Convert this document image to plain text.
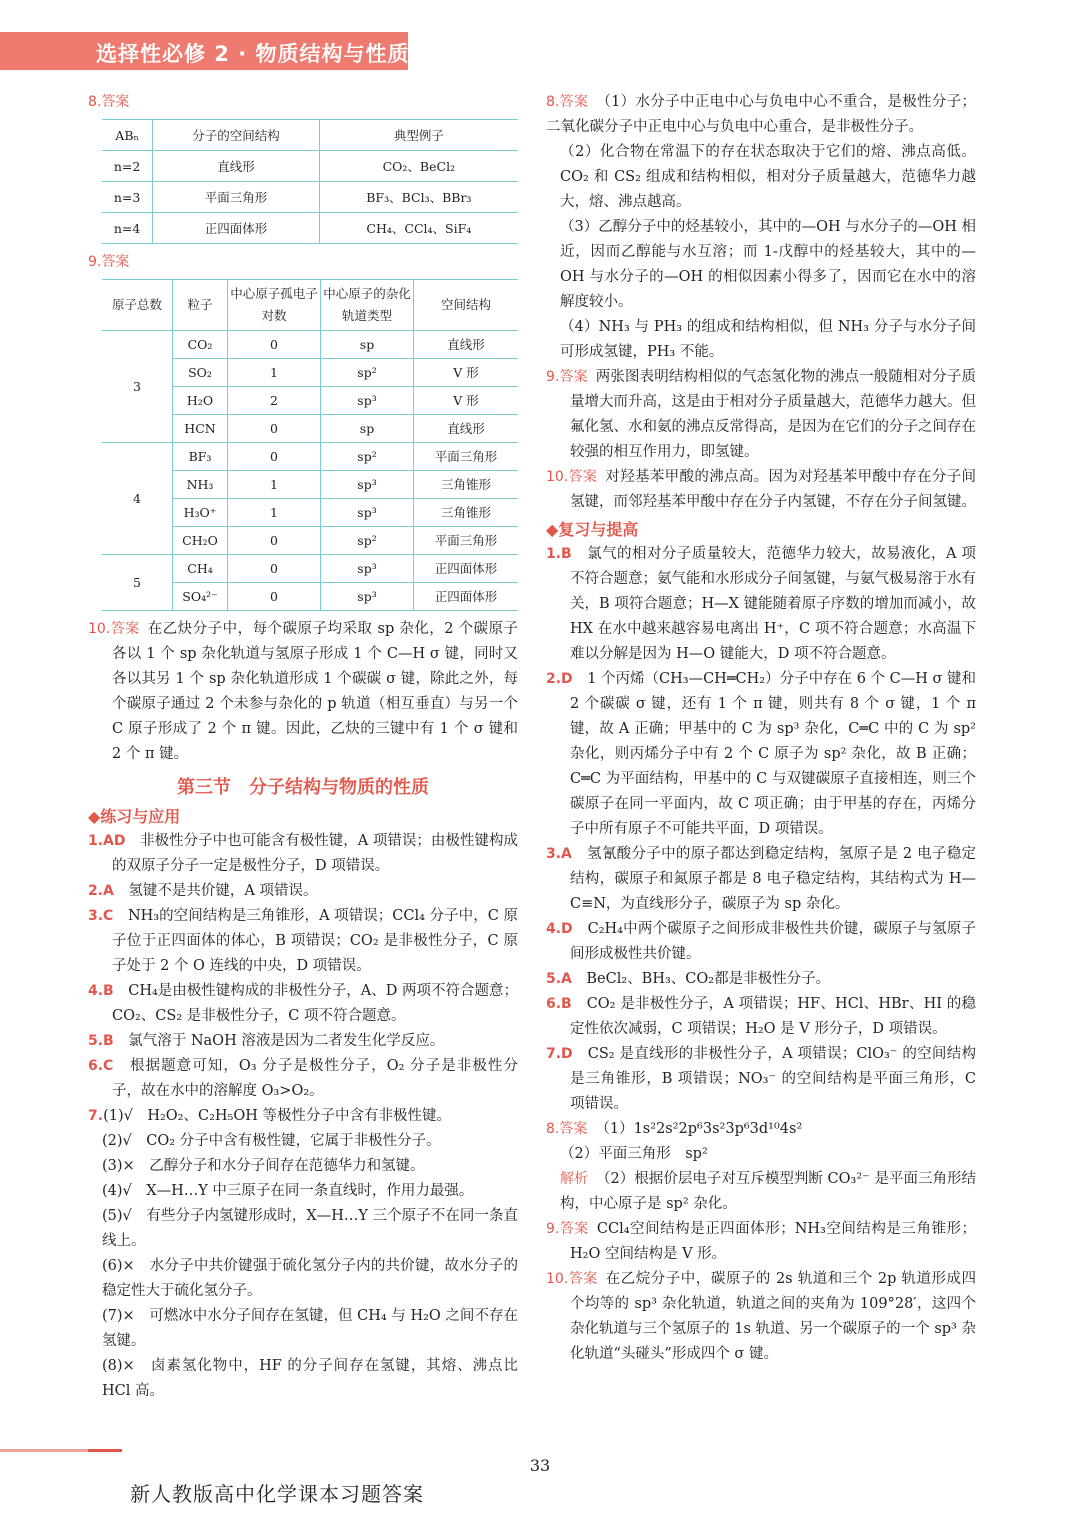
选择性必修 2 · 物质结构与性质

8.答案

ABₙ	分子的空间结构	典型例子
n=2	直线形	CO₂、BeCl₂
n=3	平面三角形	BF₃、BCl₃、BBr₃
n=4	正四面体形	CH₄、CCl₄、SiF₄

9.答案

原子总数	粒子	中心原子孤电子对数	中心原子的杂化轨道类型	空间结构
3	CO₂	0	sp	直线形
	SO₂	1	sp²	V 形
	H₂O	2	sp³	V 形
	HCN	0	sp	直线形
4	BF₃	0	sp²	平面三角形
	NH₃	1	sp³	三角锥形
	H₃O⁺	1	sp³	三角锥形
	CH₂O	0	sp²	平面三角形
5	CH₄	0	sp³	正四面体形
	SO₄²⁻	0	sp³	正四面体形

10.答案 在乙炔分子中，每个碳原子均采取 sp 杂化，2 个碳原子各以 1 个 sp 杂化轨道与氢原子形成 1 个 C—H σ 键，同时又各以其另 1 个 sp 杂化轨道形成 1 个碳碳 σ 键，除此之外，每个碳原子通过 2 个未参与杂化的 p 轨道（相互垂直）与另一个 C 原子形成了 2 个 π 键。因此，乙炔的三键中有 1 个 σ 键和 2 个 π 键。

第三节　分子结构与物质的性质
◆练习与应用

1.AD　 非极性分子中也可能含有极性键，A 项错误；由极性键构成的双原子分子一定是极性分子，D 项错误。

2.A　 氢键不是共价键，A 项错误。

3.C　 NH₃的空间结构是三角锥形，A 项错误；CCl₄ 分子中，C 原子位于正四面体的体心，B 项错误；CO₂ 是非极性分子，C 原子处于 2 个 O 连线的中央，D 项错误。

4.B　 CH₄是由极性键构成的非极性分子，A、D 两项不符合题意；CO₂、CS₂ 是非极性分子，C 项不符合题意。

5.B　 氯气溶于 NaOH 溶液是因为二者发生化学反应。

6.C　 根据题意可知，O₃ 分子是极性分子，O₂ 分子是非极性分子，故在水中的溶解度 O₃>O₂。

7.(1)√　H₂O₂、C₂H₅OH 等极性分子中含有非极性键。

(2)√　CO₂ 分子中含有极性键，它属于非极性分子。

(3)×　乙醇分子和水分子间存在范德华力和氢键。

(4)√　X—H…Y 中三原子在同一条直线时，作用力最强。

(5)√　有些分子内氢键形成时，X—H…Y 三个原子不在同一条直线上。

(6)×　水分子中共价键强于硫化氢分子内的共价键，故水分子的稳定性大于硫化氢分子。

(7)×　可燃冰中水分子间存在氢键，但 CH₄ 与 H₂O 之间不存在氢键。

(8)×　卤素氢化物中，HF 的分子间存在氢键，其熔、沸点比 HCl 高。

8.答案 （1）水分子中正电中心与负电中心不重合，是极性分子；二氧化碳分子中正电中心与负电中心重合，是非极性分子。

（2）化合物在常温下的存在状态取决于它们的熔、沸点高低。CO₂ 和 CS₂ 组成和结构相似，相对分子质量越大，范德华力越大，熔、沸点越高。

（3）乙醇分子中的烃基较小，其中的—OH 与水分子的—OH 相近，因而乙醇能与水互溶；而 1-戊醇中的烃基较大，其中的—OH 与水分子的—OH 的相似因素小得多了，因而它在水中的溶解度较小。

（4）NH₃ 与 PH₃ 的组成和结构相似，但 NH₃ 分子与水分子间可形成氢键，PH₃ 不能。

9.答案 两张图表明结构相似的气态氢化物的沸点一般随相对分子质量增大而升高，这是由于相对分子质量越大，范德华力越大。但氟化氢、水和氨的沸点反常得高，是因为在它们的分子之间存在较强的相互作用力，即氢键。

10.答案 对羟基苯甲酸的沸点高。因为对羟基苯甲酸中存在分子间氢键，而邻羟基苯甲酸中存在分子内氢键，不存在分子间氢键。

◆复习与提高

1.B　 氯气的相对分子质量较大，范德华力较大，故易液化，A 项不符合题意；氨气能和水形成分子间氢键，与氨气极易溶于水有关，B 项符合题意；H—X 键能随着原子序数的增加而减小，故 HX 在水中越来越容易电离出 H⁺，C 项不符合题意；水高温下难以分解是因为 H—O 键能大，D 项不符合题意。

2.D　 1 个丙烯（CH₃—CH═CH₂）分子中存在 6 个 C—H σ 键和 2 个碳碳 σ 键，还有 1 个 π 键，则共有 8 个 σ 键，1 个 π 键，故 A 正确；甲基中的 C 为 sp³ 杂化，C═C 中的 C 为 sp² 杂化，则丙烯分子中有 2 个 C 原子为 sp² 杂化，故 B 正确；C═C 为平面结构，甲基中的 C 与双键碳原子直接相连，则三个碳原子在同一平面内，故 C 项正确；由于甲基的存在，丙烯分子中所有原子不可能共平面，D 项错误。

3.A　 氢氰酸分子中的原子都达到稳定结构，氢原子是 2 电子稳定结构，碳原子和氮原子都是 8 电子稳定结构，其结构式为 H—C≡N，为直线形分子，碳原子为 sp 杂化。

4.D　 C₂H₄中两个碳原子之间形成非极性共价键，碳原子与氢原子间形成极性共价键。

5.A　 BeCl₂、BH₃、CO₂都是非极性分子。

6.B　 CO₂ 是非极性分子，A 项错误；HF、HCl、HBr、HI 的稳定性依次减弱，C 项错误；H₂O 是 V 形分子，D 项错误。

7.D　 CS₂ 是直线形的非极性分子，A 项错误；ClO₃⁻ 的空间结构是三角锥形，B 项错误；NO₃⁻ 的空间结构是平面三角形，C 项错误。

8.答案 （1）1s²2s²2p⁶3s²3p⁶3d¹⁰4s²

（2）平面三角形　sp²

解析 （2）根据价层电子对互斥模型判断 CO₃²⁻ 是平面三角形结构，中心原子是 sp² 杂化。

9.答案 CCl₄空间结构是正四面体形；NH₃空间结构是三角锥形；H₂O 空间结构是 V 形。

10.答案 在乙烷分子中，碳原子的 2s 轨道和三个 2p 轨道形成四个均等的 sp³ 杂化轨道，轨道之间的夹角为 109°28′，这四个杂化轨道与三个氢原子的 1s 轨道、另一个碳原子的一个 sp³ 杂化轨道“头碰头”形成四个 σ 键。

33
新人教版高中化学课本习题答案
